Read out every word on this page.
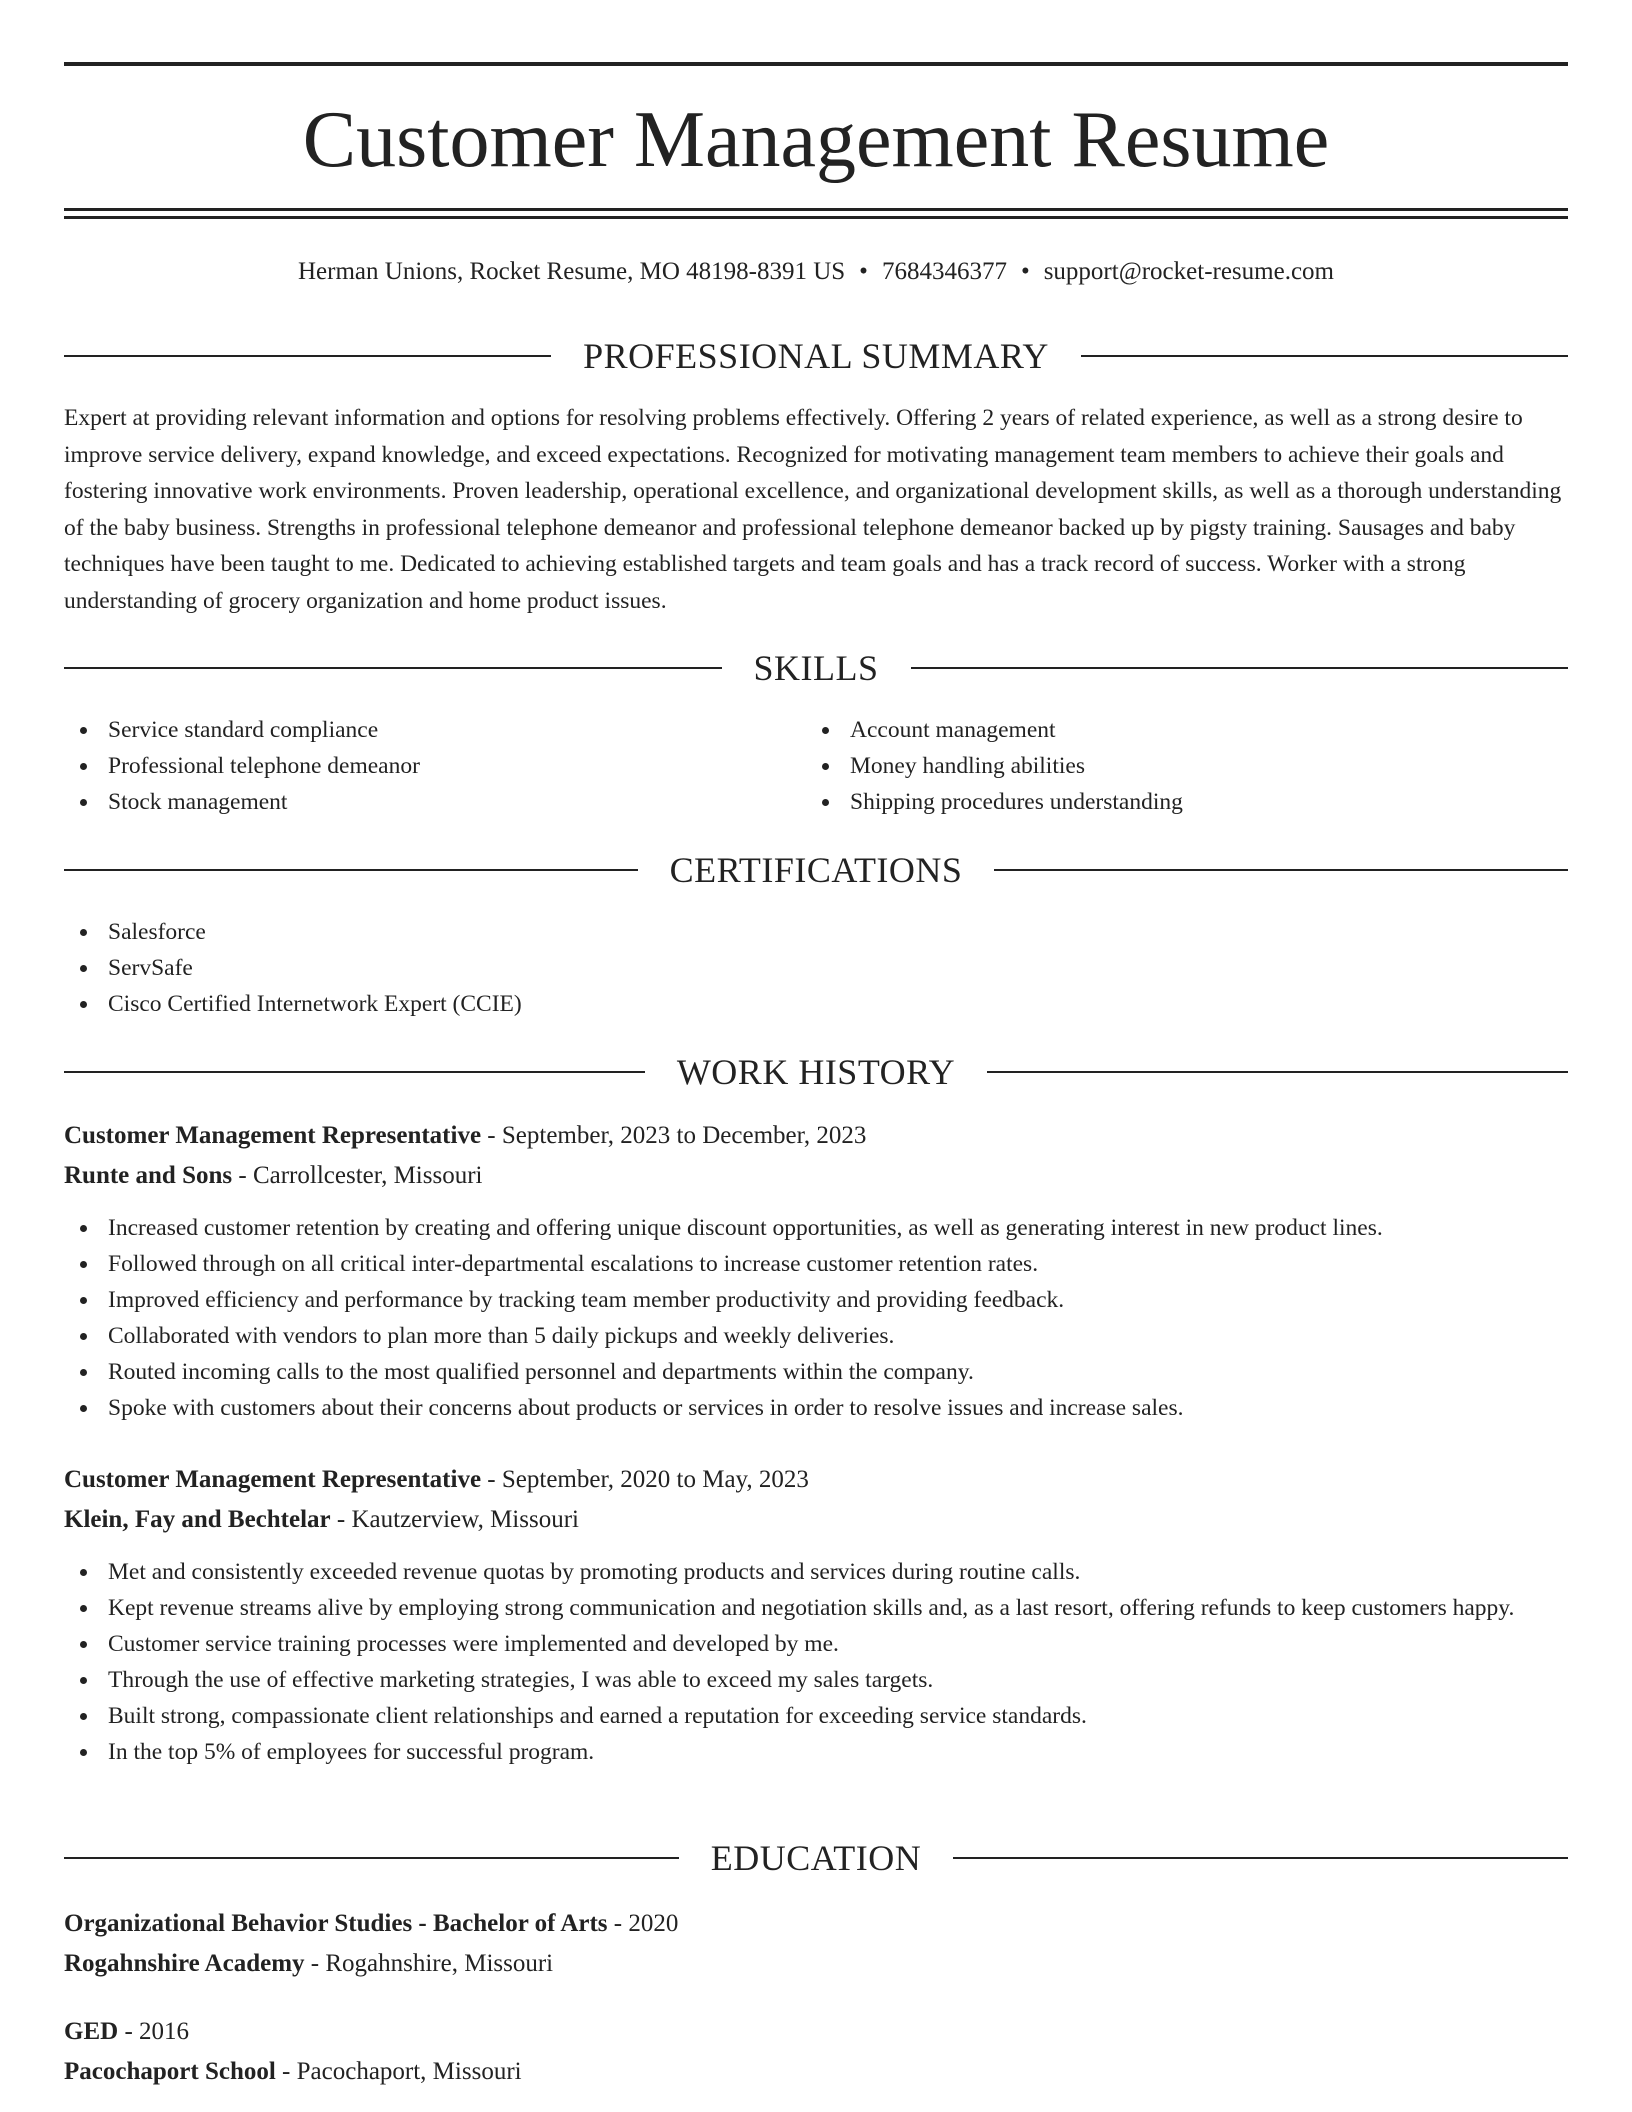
Customer Management Resume
Herman Unions, Rocket Resume, MO 48198-8391 US • 7684346377 • support@rocket-resume.com
PROFESSIONAL SUMMARY
Expert at providing relevant information and options for resolving problems effectively. Offering 2 years of related experience, as well as a strong desire to improve service delivery, expand knowledge, and exceed expectations. Recognized for motivating management team members to achieve their goals and fostering innovative work environments. Proven leadership, operational excellence, and organizational development skills, as well as a thorough understanding of the baby business. Strengths in professional telephone demeanor and professional telephone demeanor backed up by pigsty training. Sausages and baby techniques have been taught to me. Dedicated to achieving established targets and team goals and has a track record of success. Worker with a strong understanding of grocery organization and home product issues.
SKILLS
Service standard compliance
Professional telephone demeanor
Stock management
Account management
Money handling abilities
Shipping procedures understanding
CERTIFICATIONS
Salesforce
ServSafe
Cisco Certified Internetwork Expert (CCIE)
WORK HISTORY
Customer Management Representative - September, 2023 to December, 2023
Runte and Sons - Carrollcester, Missouri
Increased customer retention by creating and offering unique discount opportunities, as well as generating interest in new product lines.
Followed through on all critical inter-departmental escalations to increase customer retention rates.
Improved efficiency and performance by tracking team member productivity and providing feedback.
Collaborated with vendors to plan more than 5 daily pickups and weekly deliveries.
Routed incoming calls to the most qualified personnel and departments within the company.
Spoke with customers about their concerns about products or services in order to resolve issues and increase sales.
Customer Management Representative - September, 2020 to May, 2023
Klein, Fay and Bechtelar - Kautzerview, Missouri
Met and consistently exceeded revenue quotas by promoting products and services during routine calls.
Kept revenue streams alive by employing strong communication and negotiation skills and, as a last resort, offering refunds to keep customers happy.
Customer service training processes were implemented and developed by me.
Through the use of effective marketing strategies, I was able to exceed my sales targets.
Built strong, compassionate client relationships and earned a reputation for exceeding service standards.
In the top 5% of employees for successful program.
EDUCATION
Organizational Behavior Studies - Bachelor of Arts - 2020
Rogahnshire Academy - Rogahnshire, Missouri
GED - 2016
Pacochaport School - Pacochaport, Missouri
